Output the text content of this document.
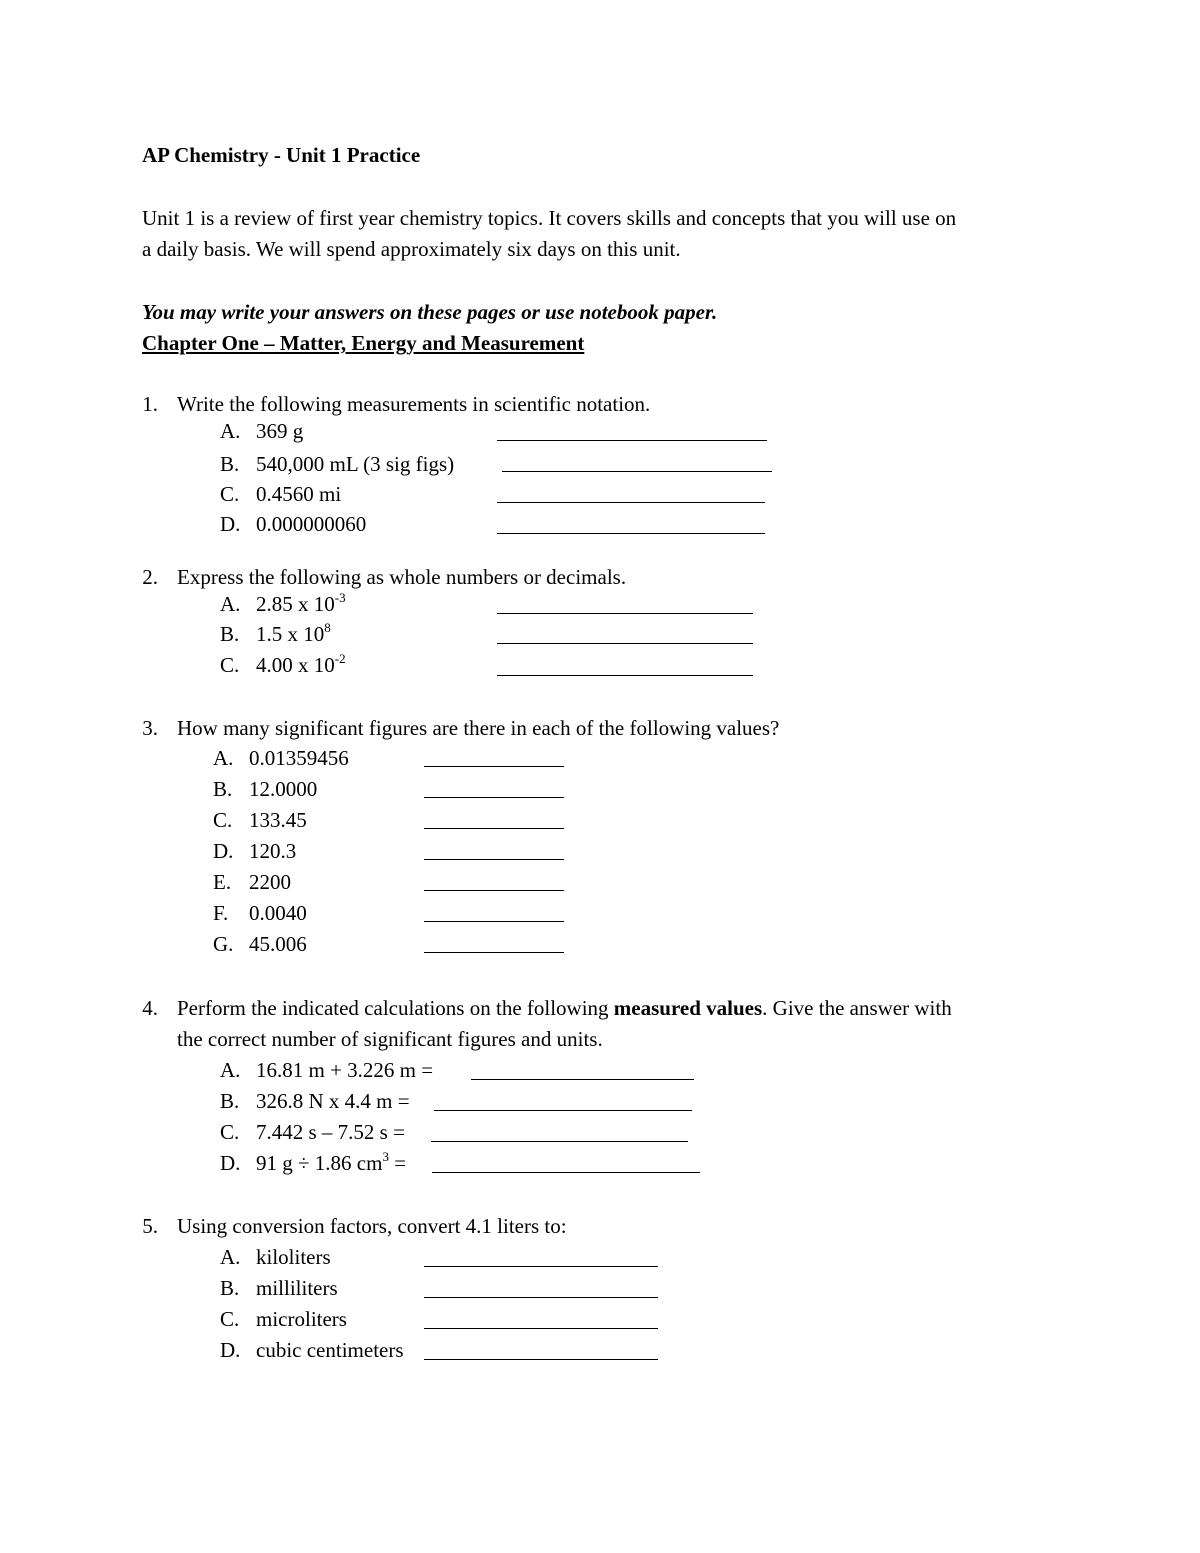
AP Chemistry - Unit 1 Practice
Unit 1 is a review of first year chemistry topics. It covers skills and concepts that you will use on
a daily basis. We will spend approximately six days on this unit.
You may write your answers on these pages or use notebook paper.
Chapter One – Matter, Energy and Measurement
1. Write the following measurements in scientific notation.
A. 369 g
B. 540,000 mL (3 sig figs)
C. 0.4560 mi
D. 0.000000060
2. Express the following as whole numbers or decimals.
A. 2.85 x $10^{-3}$
B. 1.5 x $10^8$
C. 4.00 x $10^{-2}$
3. How many significant figures are there in each of the following values?
A. 0.01359456
B. 12.0000
C. 133.45
D. 120.3
E. 2200
F. 0.0040
G. 45.006
4. Perform the indicated calculations on the following measured values. Give the answer with
the correct number of significant figures and units.
A. 16.81 m + 3.226 m =
B. 326.8 N x 4.4 m =
C. 7.442 s – 7.52 s =
D. 91 g ÷ 1.86 $cm^3$ =
5. Using conversion factors, convert 4.1 liters to:
A. kiloliters
B. milliliters
C. microliters
D. cubic centimeters
